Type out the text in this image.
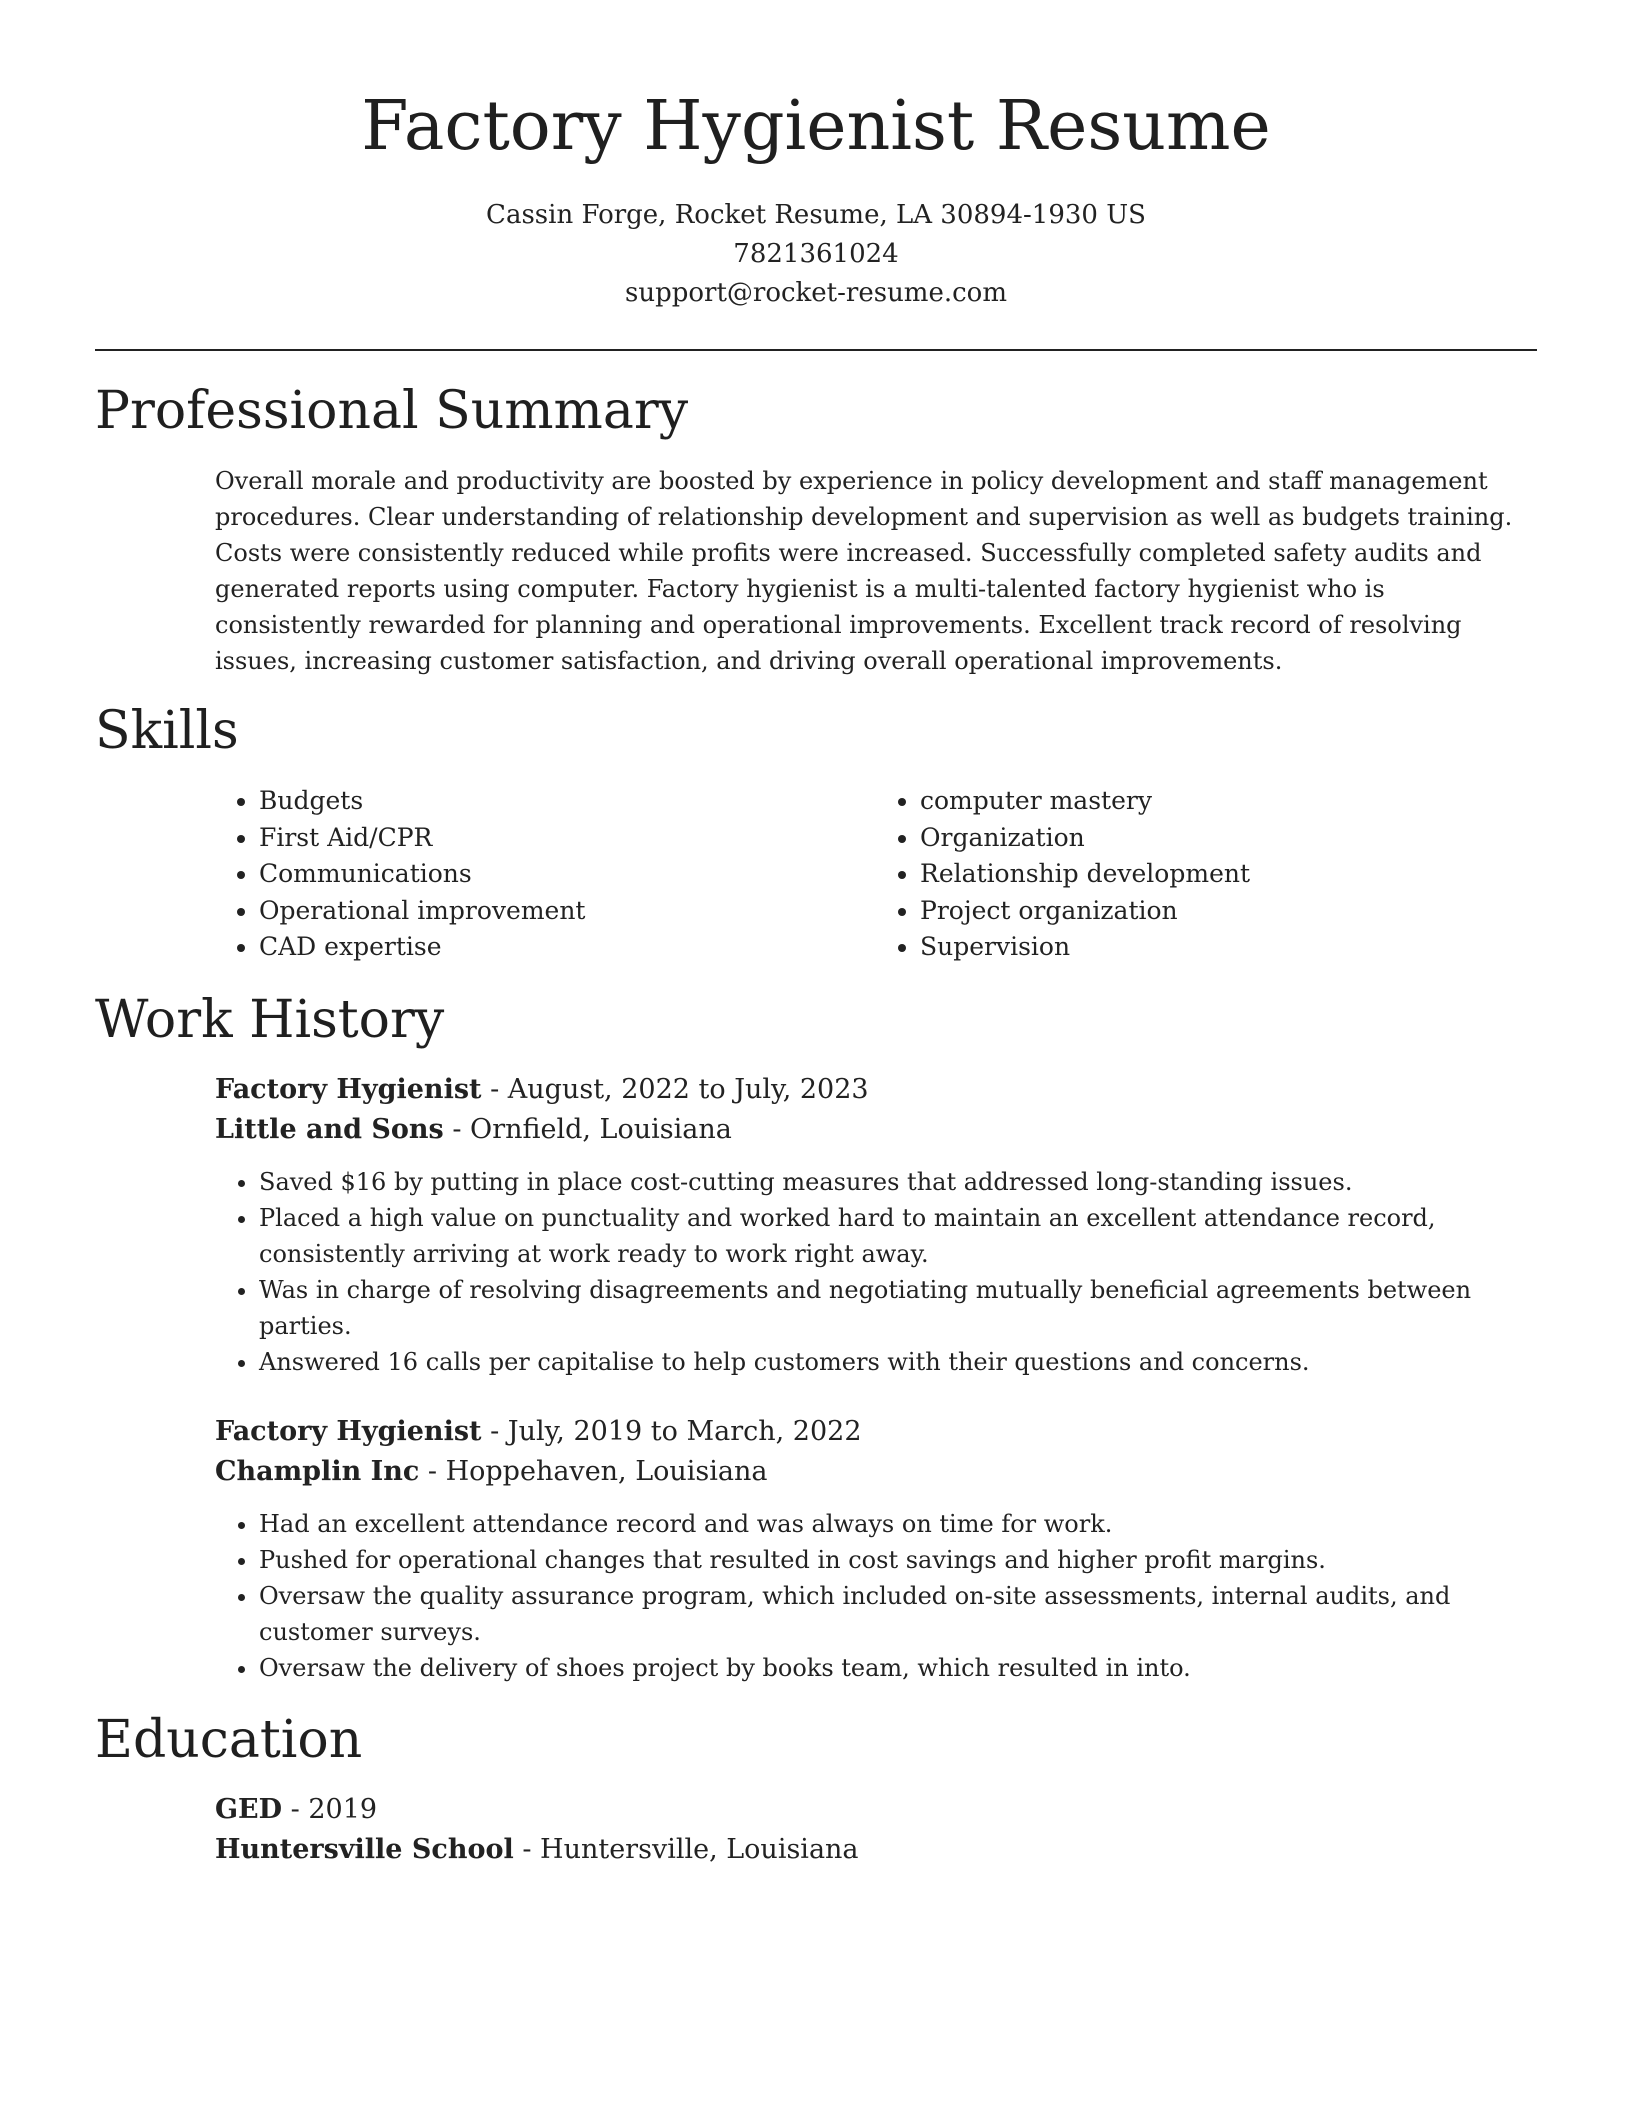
Factory Hygienist Resume
Cassin Forge, Rocket Resume, LA 30894-1930 US
7821361024
support@rocket-resume.com
Professional Summary

Overall morale and productivity are boosted by experience in policy development and staff management procedures. Clear understanding of relationship development and supervision as well as budgets training. Costs were consistently reduced while profits were increased. Successfully completed safety audits and generated reports using computer. Factory hygienist is a multi-talented factory hygienist who is consistently rewarded for planning and operational improvements. Excellent track record of resolving issues, increasing customer satisfaction, and driving overall operational improvements.

Skills
• Budgets
• First Aid/CPR
• Communications
• Operational improvement
• CAD expertise
• computer mastery
• Organization
• Relationship development
• Project organization
• Supervision
Work History
Factory Hygienist - August, 2022 to July, 2023
Little and Sons - Ornfield, Louisiana
• Saved $16 by putting in place cost-cutting measures that addressed long-standing issues.
• Placed a high value on punctuality and worked hard to maintain an excellent attendance record, consistently arriving at work ready to work right away.
• Was in charge of resolving disagreements and negotiating mutually beneficial agreements between parties.
• Answered 16 calls per capitalise to help customers with their questions and concerns.
Factory Hygienist - July, 2019 to March, 2022
Champlin Inc - Hoppehaven, Louisiana
• Had an excellent attendance record and was always on time for work.
• Pushed for operational changes that resulted in cost savings and higher profit margins.
• Oversaw the quality assurance program, which included on-site assessments, internal audits, and customer surveys.
• Oversaw the delivery of shoes project by books team, which resulted in into.
Education
GED - 2019
Huntersville School - Huntersville, Louisiana
